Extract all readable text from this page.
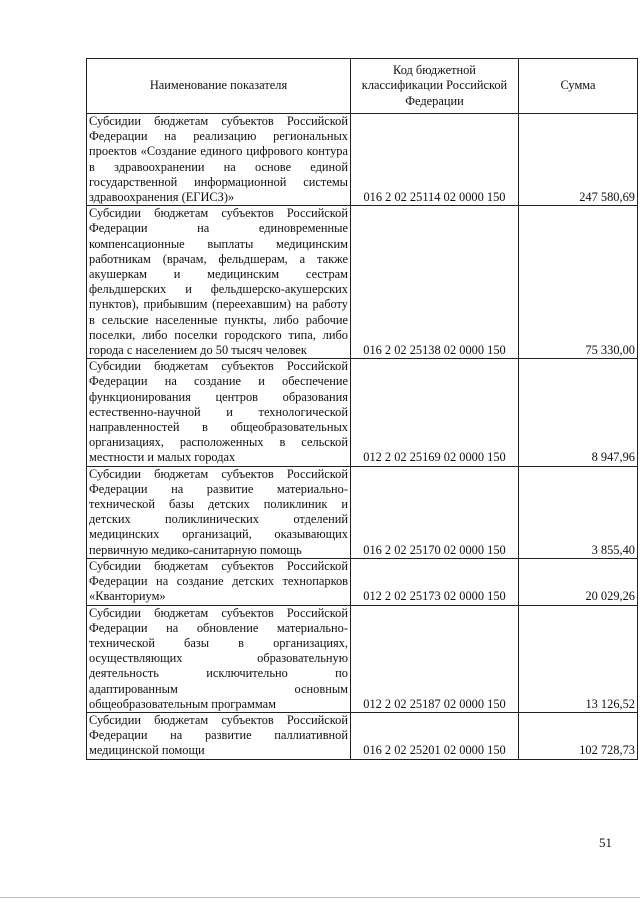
Наименование показателя	Код бюджетной классификации Российской Федерации	Сумма
Субсидии бюджетам субъектов Российской Федерации на реализацию региональных проектов «Создание единого цифрового контура в здравоохранении на основе единой государственной информационной системы здравоохранения (ЕГИСЗ)»	016 2 02 25114 02 0000 150	247 580,69
Субсидии бюджетам субъектов Российской Федерации на единовременные компенсационные выплаты медицинским работникам (врачам, фельдшерам, а также акушеркам и медицинским сестрам фельдшерских и фельдшерско-акушерских пунктов), прибывшим (переехавшим) на работу в сельские населенные пункты, либо рабочие поселки, либо поселки городского типа, либо города с населением до 50 тысяч человек	016 2 02 25138 02 0000 150	75 330,00
Субсидии бюджетам субъектов Российской Федерации на создание и обеспечение функционирования центров образования естественно-научной и технологической направленностей в общеобразовательных организациях, расположенных в сельской местности и малых городах	012 2 02 25169 02 0000 150	8 947,96
Субсидии бюджетам субъектов Российской Федерации на развитие материально-технической базы детских поликлиник и детских поликлинических отделений медицинских организаций, оказывающих первичную медико-санитарную помощь	016 2 02 25170 02 0000 150	3 855,40
Субсидии бюджетам субъектов Российской Федерации на создание детских технопарков «Кванториум»	012 2 02 25173 02 0000 150	20 029,26
Субсидии бюджетам субъектов Российской Федерации на обновление материально-технической базы в организациях, осуществляющих образовательную деятельность исключительно по адаптированным основным общеобразовательным программам	012 2 02 25187 02 0000 150	13 126,52
Субсидии бюджетам субъектов Российской Федерации на развитие паллиативной медицинской помощи	016 2 02 25201 02 0000 150	102 728,73
51
